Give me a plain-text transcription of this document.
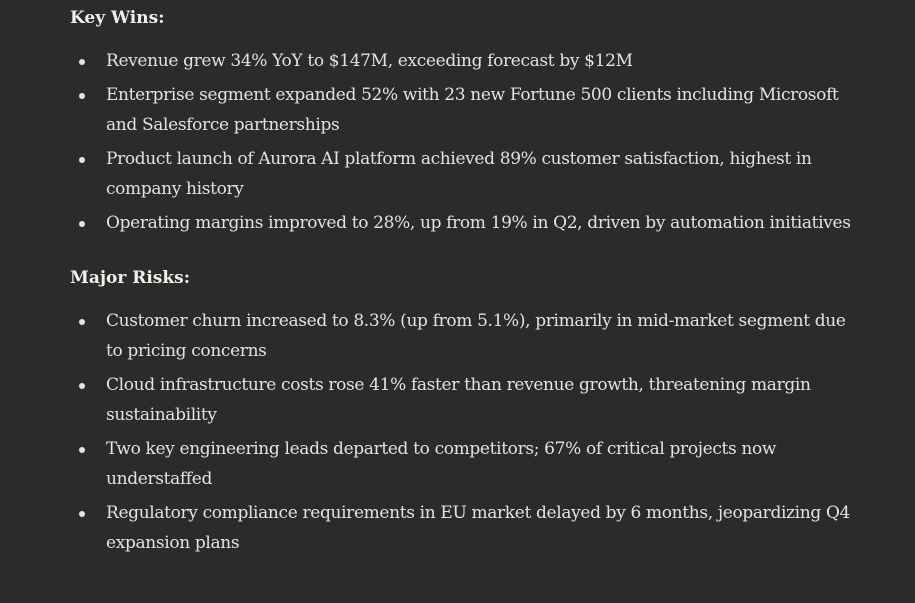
Key Wins:
Revenue grew 34% YoY to $147M, exceeding forecast by $12M
Enterprise segment expanded 52% with 23 new Fortune 500 clients including Microsoft and Salesforce partnerships
Product launch of Aurora AI platform achieved 89% customer satisfaction, highest in company history
Operating margins improved to 28%, up from 19% in Q2, driven by automation initiatives
Major Risks:
Customer churn increased to 8.3% (up from 5.1%), primarily in mid-market segment due to pricing concerns
Cloud infrastructure costs rose 41% faster than revenue growth, threatening margin sustainability
Two key engineering leads departed to competitors; 67% of critical projects now understaffed
Regulatory compliance requirements in EU market delayed by 6 months, jeopardizing Q4 expansion plans
